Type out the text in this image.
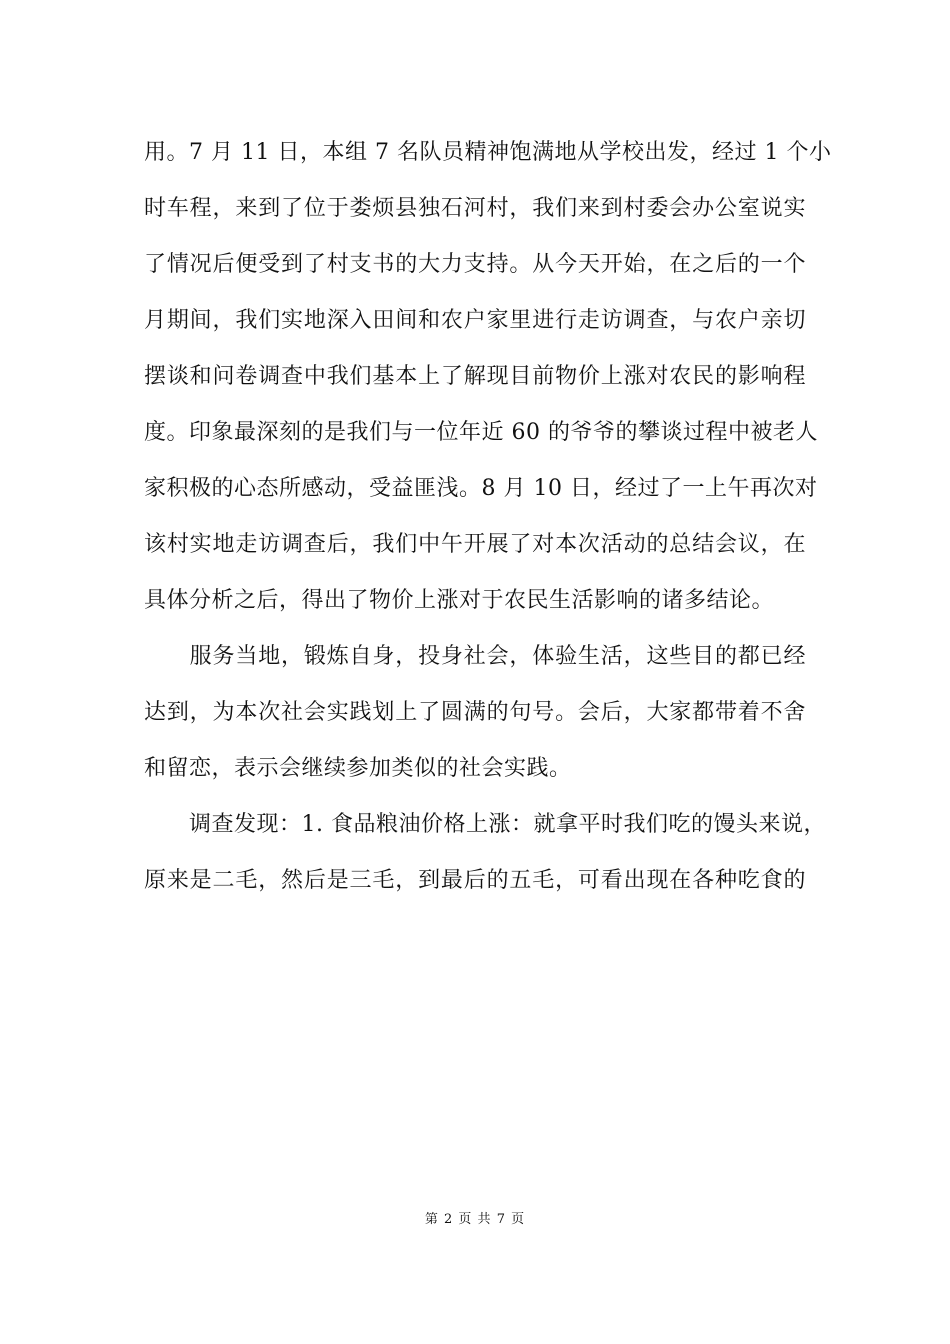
用。7 月 11 日，本组 7 名队员精神饱满地从学校出发，经过 1 个小
时车程，来到了位于娄烦县独石河村，我们来到村委会办公室说实
了情况后便受到了村支书的大力支持。从今天开始，在之后的一个
月期间，我们实地深入田间和农户家里进行走访调查，与农户亲切
摆谈和问卷调查中我们基本上了解现目前物价上涨对农民的影响程
度。印象最深刻的是我们与一位年近 60 的爷爷的攀谈过程中被老人
家积极的心态所感动，受益匪浅。8 月 10 日，经过了一上午再次对
该村实地走访调查后，我们中午开展了对本次活动的总结会议，在
具体分析之后，得出了物价上涨对于农民生活影响的诸多结论。
　　服务当地，锻炼自身，投身社会，体验生活，这些目的都已经
达到，为本次社会实践划上了圆满的句号。会后，大家都带着不舍
和留恋，表示会继续参加类似的社会实践。
　　调查发现：1. 食品粮油价格上涨：就拿平时我们吃的馒头来说，
原来是二毛，然后是三毛，到最后的五毛，可看出现在各种吃食的
第 2 页 共 7 页
